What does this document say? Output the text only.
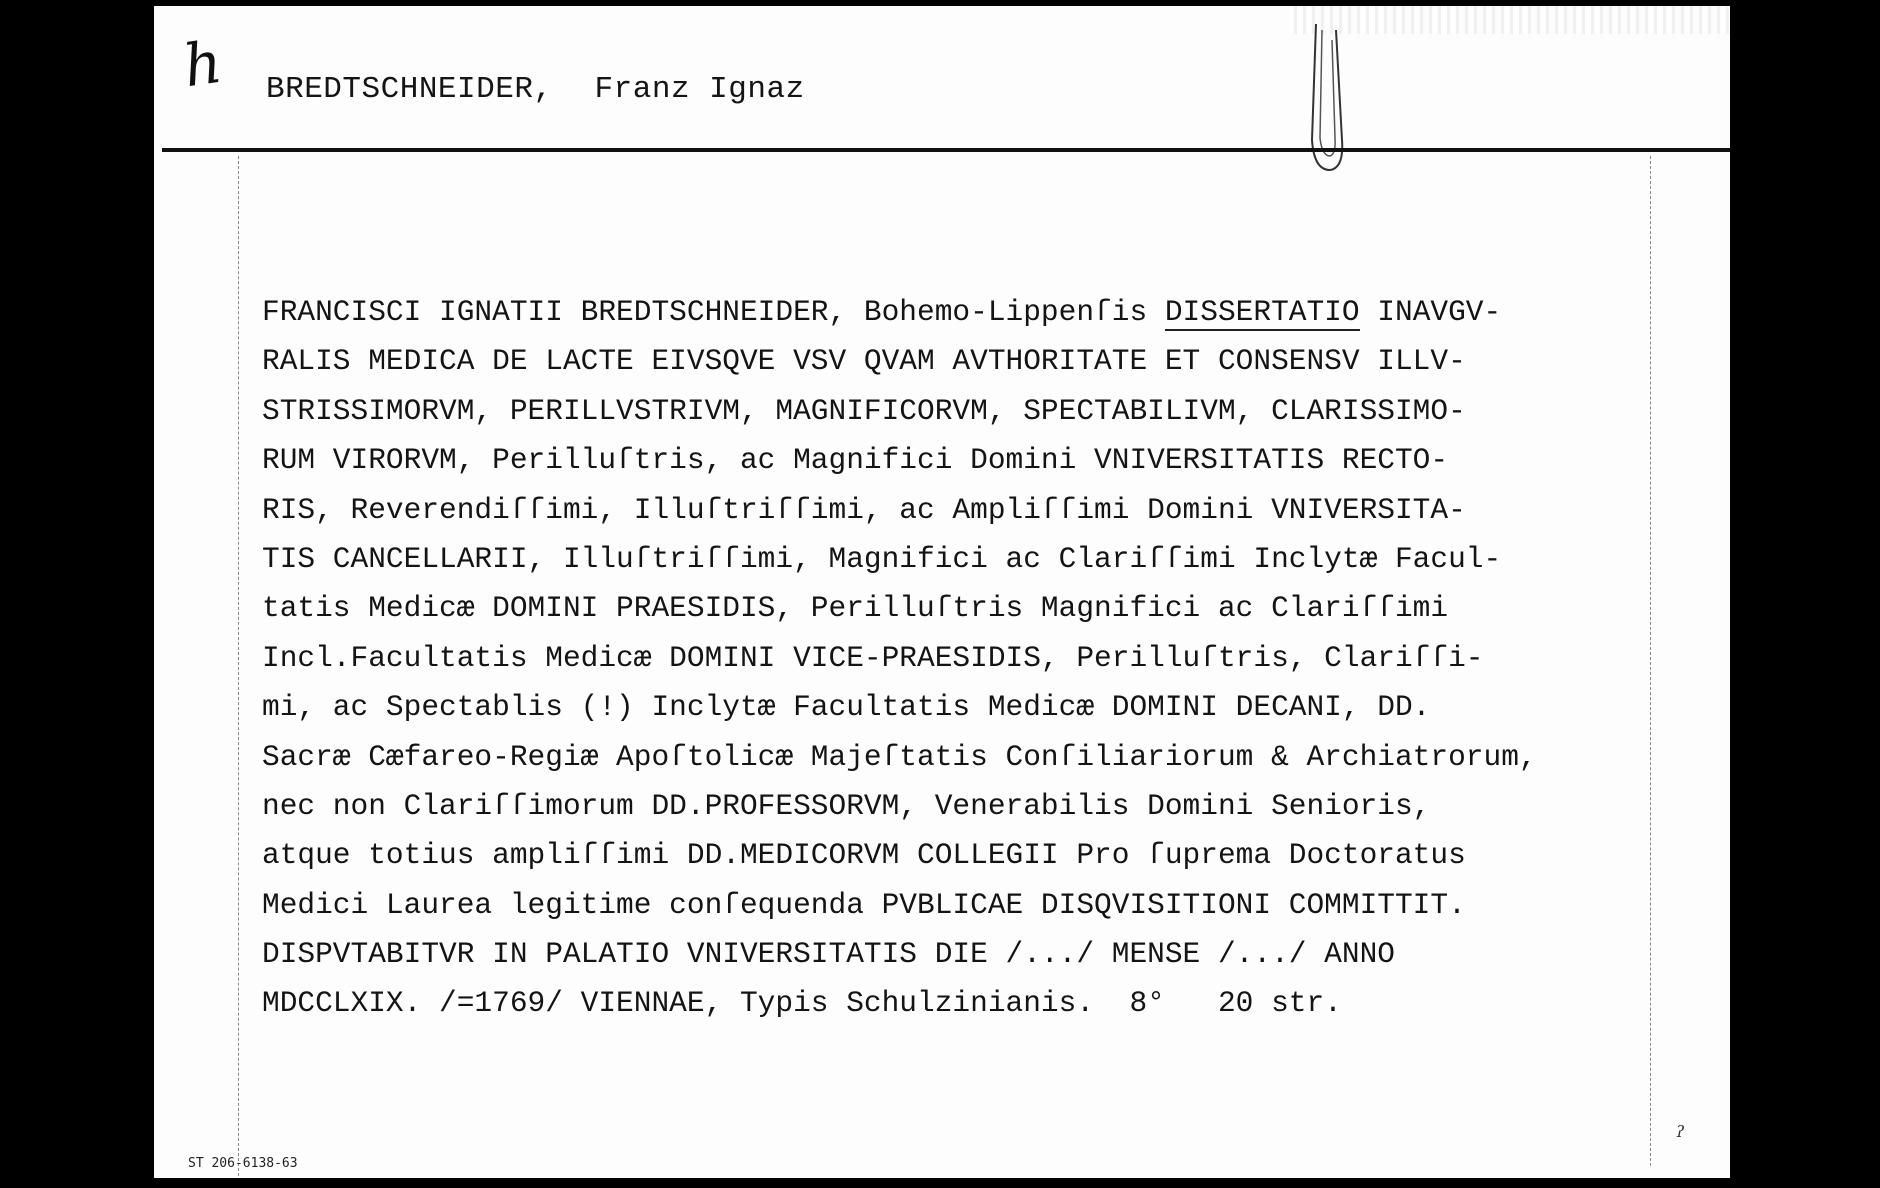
h BREDTSCHNEIDER, Franz Ignaz
FRANCISCI IGNATII BREDTSCHNEIDER, Bohemo-Lippenſis DISSERTATIO INAVGV-
RALIS MEDICA DE LACTE EIVSQVE VSV QVAM AVTHORITATE ET CONSENSV ILLV-
STRISSIMORVM, PERILLVSTRIVM, MAGNIFICORVM, SPECTABILIVM, CLARISSIMO-
RUM VIRORVM, Perilluſtris, ac Magnifici Domini VNIVERSITATIS RECTO-
RIS, Reverendiſſimi, Illuſtriſſimi, ac Ampliſſimi Domini VNIVERSITA-
TIS CANCELLARII, Illuſtriſſimi, Magnifici ac Clariſſimi Inclytæ Facul-
tatis Medicæ DOMINI PRAESIDIS, Perilluſtris Magnifici ac Clariſſimi
Incl.Facultatis Medicæ DOMINI VICE-PRAESIDIS, Perilluſtris, Clariſſi-
mi, ac Spectablis (!) Inclytæ Facultatis Medicæ DOMINI DECANI, DD.
Sacræ Cæfareo-Regiæ Apoſtolicæ Majeſtatis Conſiliariorum & Archiatrorum,
nec non Clariſſimorum DD.PROFESSORVM, Venerabilis Domini Senioris,
atque totius ampliſſimi DD.MEDICORVM COLLEGII Pro ſuprema Doctoratus
Medici Laurea legitime conſequenda PVBLICAE DISQVISITIONI COMMITTIT.
DISPVTABITVR IN PALATIO VNIVERSITATIS DIE /.../ MENSE /.../ ANNO
MDCCLXIX. /=1769/ VIENNAE, Typis Schulzinianis.  8°   20 str.
ST 206-6138-63
ʔ
